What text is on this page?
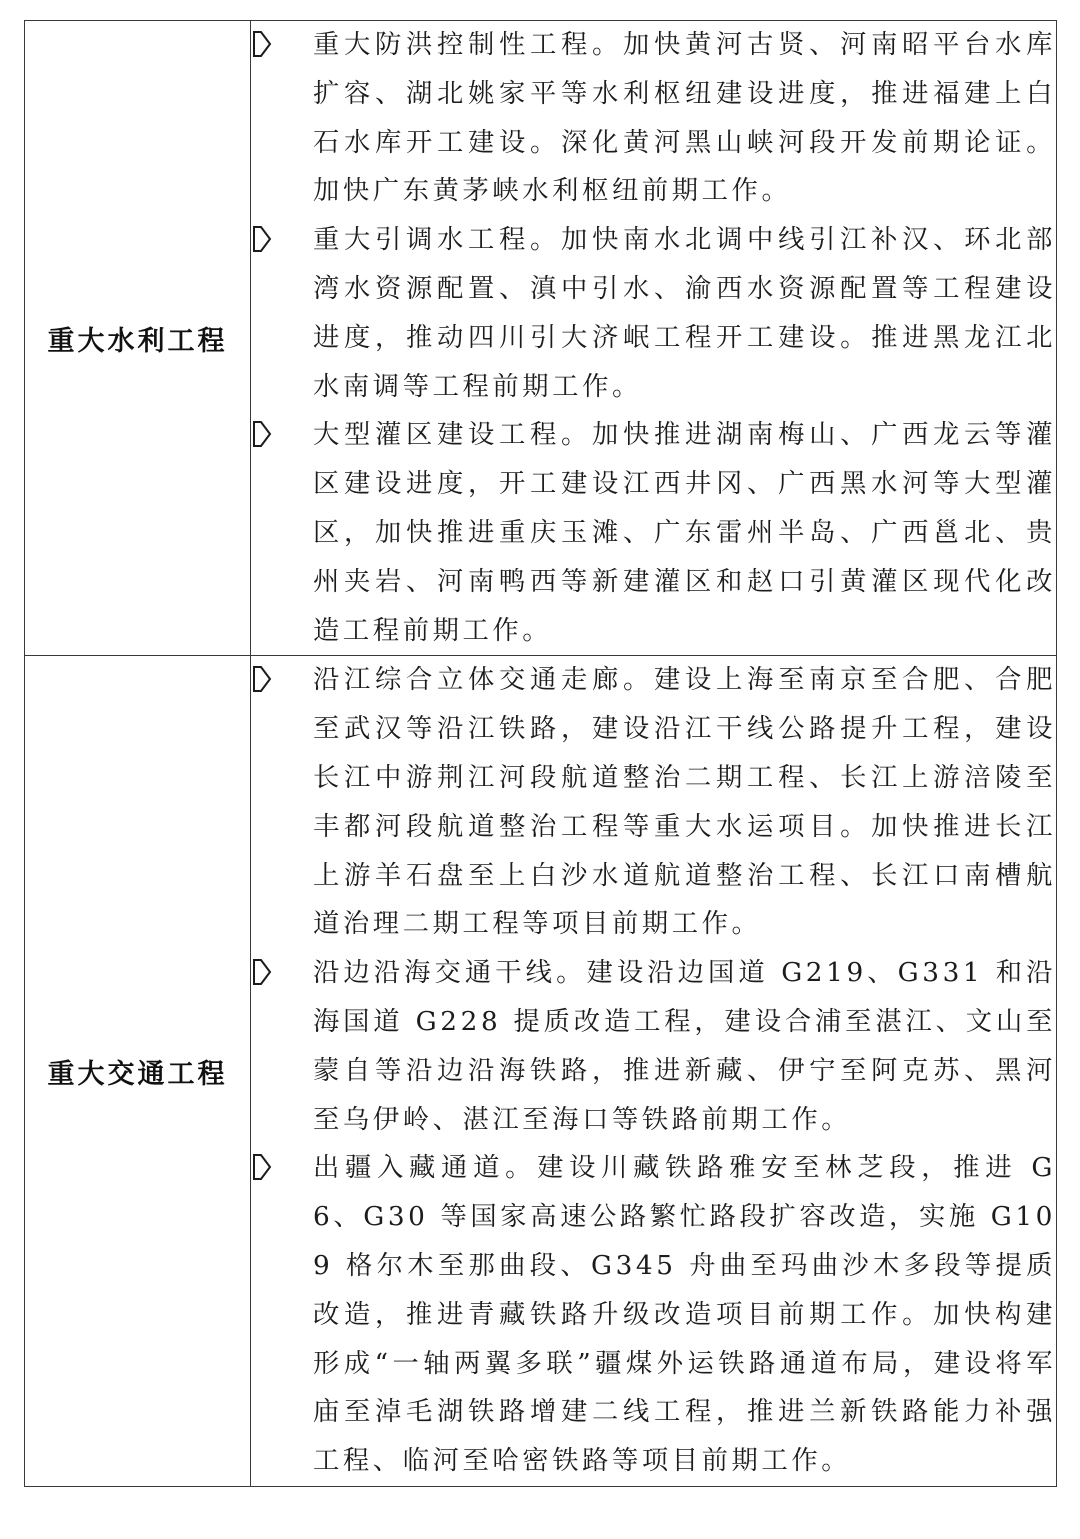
重大水利工程	重大防洪控制性工程。加快黄河古贤、河南昭平台水库扩容、湖北姚家平等水利枢纽建设进度，推进福建上白石水库开工建设。深化黄河黑山峡河段开发前期论证。加快广东黄茅峡水利枢纽前期工作。
重大引调水工程。加快南水北调中线引江补汉、环北部湾水资源配置、滇中引水、渝西水资源配置等工程建设进度，推动四川引大济岷工程开工建设。推进黑龙江北水南调等工程前期工作。
大型灌区建设工程。加快推进湖南梅山、广西龙云等灌区建设进度，开工建设江西井冈、广西黑水河等大型灌区，加快推进重庆玉滩、广东雷州半岛、广西邕北、贵州夹岩、河南鸭西等新建灌区和赵口引黄灌区现代化改造工程前期工作。

重大交通工程	沿江综合立体交通走廊。建设上海至南京至合肥、合肥至武汉等沿江铁路，建设沿江干线公路提升工程，建设长江中游荆江河段航道整治二期工程、长江上游涪陵至丰都河段航道整治工程等重大水运项目。加快推进长江上游羊石盘至上白沙水道航道整治工程、长江口南槽航道治理二期工程等项目前期工作。
沿边沿海交通干线。建设沿边国道 G219、G331 和沿海国道 G228 提质改造工程，建设合浦至湛江、文山至蒙自等沿边沿海铁路，推进新藏、伊宁至阿克苏、黑河至乌伊岭、湛江至海口等铁路前期工作。
出疆入藏通道。建设川藏铁路雅安至林芝段，推进 G6、G30 等国家高速公路繁忙路段扩容改造，实施 G109 格尔木至那曲段、G345 舟曲至玛曲沙木多段等提质改造，推进青藏铁路升级改造项目前期工作。加快构建形成“一轴两翼多联”疆煤外运铁路通道布局，建设将军庙至淖毛湖铁路增建二线工程，推进兰新铁路能力补强工程、临河至哈密铁路等项目前期工作。
